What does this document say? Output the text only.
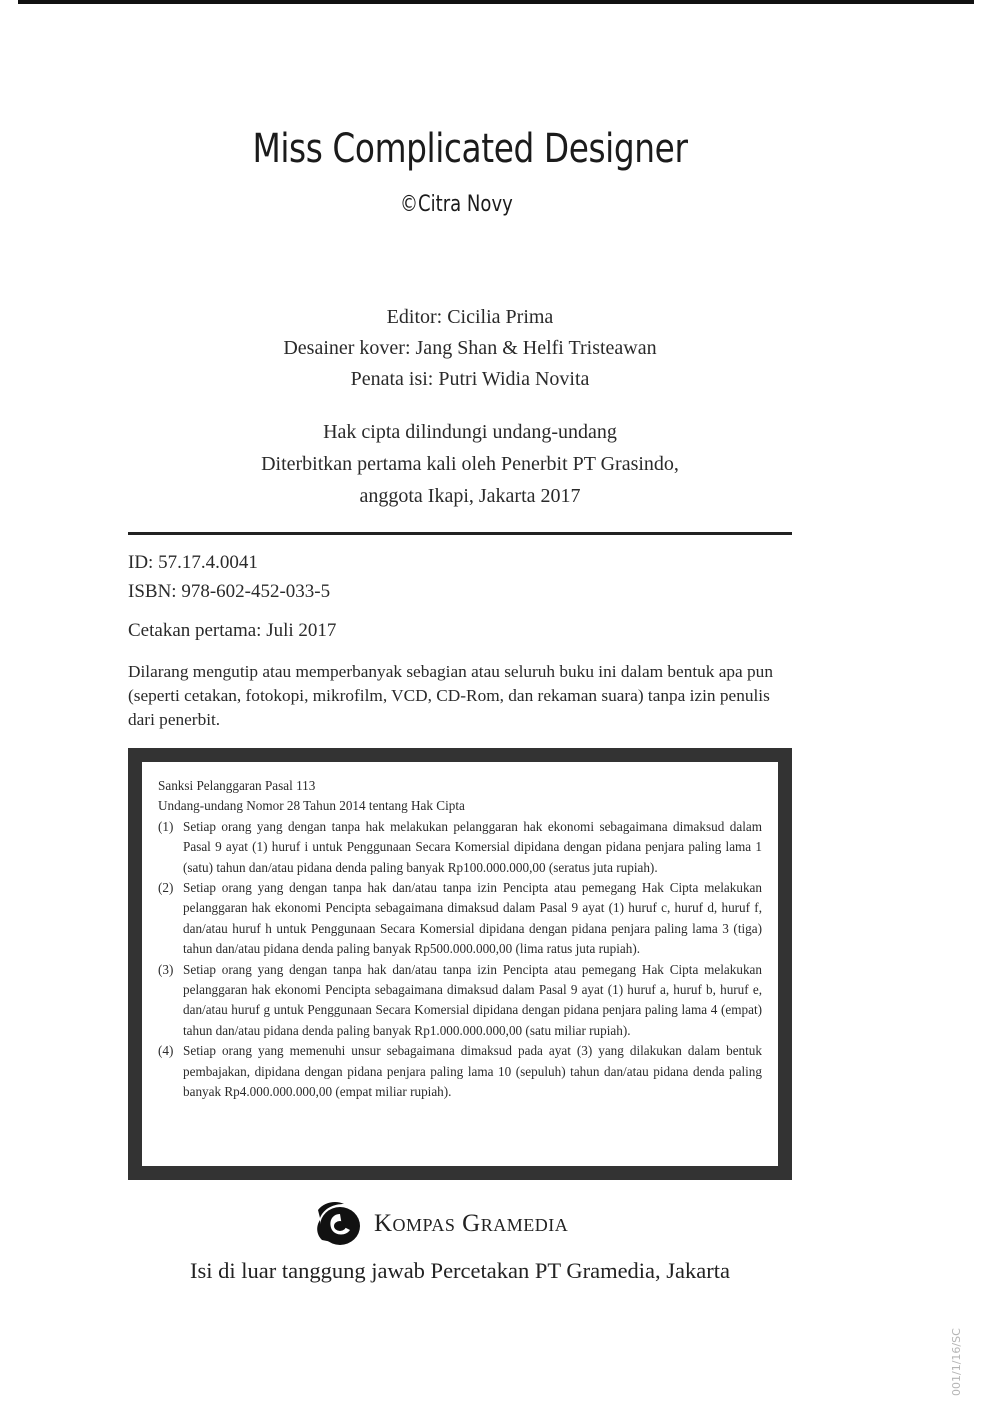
Miss Complicated Designer
©Citra Novy
Editor: Cicilia Prima
Desainer kover: Jang Shan & Helfi Tristeawan
Penata isi: Putri Widia Novita
Hak cipta dilindungi undang-undang
Diterbitkan pertama kali oleh Penerbit PT Grasindo,
anggota Ikapi, Jakarta 2017
ID: 57.17.4.0041
ISBN: 978-602-452-033-5
Cetakan pertama: Juli 2017
Dilarang mengutip atau memperbanyak sebagian atau seluruh buku ini dalam bentuk apa pun (seperti cetakan, fotokopi, mikrofilm, VCD, CD-Rom, dan rekaman suara) tanpa izin penulis dari penerbit.
Sanksi Pelanggaran Pasal 113
Undang-undang Nomor 28 Tahun 2014 tentang Hak Cipta
(1) Setiap orang yang dengan tanpa hak melakukan pelanggaran hak ekonomi sebagaimana dimaksud dalam Pasal 9 ayat (1) huruf i untuk Penggunaan Secara Komersial dipidana dengan pidana penjara paling lama 1 (satu) tahun dan/atau pidana denda paling banyak Rp100.000.000,00 (seratus juta rupiah).
(2) Setiap orang yang dengan tanpa hak dan/atau tanpa izin Pencipta atau pemegang Hak Cipta melakukan pelanggaran hak ekonomi Pencipta sebagaimana dimaksud dalam Pasal 9 ayat (1) huruf c, huruf d, huruf f, dan/atau huruf h untuk Penggunaan Secara Komersial dipidana dengan pidana penjara paling lama 3 (tiga) tahun dan/atau pidana denda paling banyak Rp500.000.000,00 (lima ratus juta rupiah).
(3) Setiap orang yang dengan tanpa hak dan/atau tanpa izin Pencipta atau pemegang Hak Cipta melakukan pelanggaran hak ekonomi Pencipta sebagaimana dimaksud dalam Pasal 9 ayat (1) huruf a, huruf b, huruf e, dan/atau huruf g untuk Penggunaan Secara Komersial dipidana dengan pidana penjara paling lama 4 (empat) tahun dan/atau pidana denda paling banyak Rp1.000.000.000,00 (satu miliar rupiah).
(4) Setiap orang yang memenuhi unsur sebagaimana dimaksud pada ayat (3) yang dilakukan dalam bentuk pembajakan, dipidana dengan pidana penjara paling lama 10 (sepuluh) tahun dan/atau pidana denda paling banyak Rp4.000.000.000,00 (empat miliar rupiah).
Kompas Gramedia
Isi di luar tanggung jawab Percetakan PT Gramedia, Jakarta
001/1/16/SC
